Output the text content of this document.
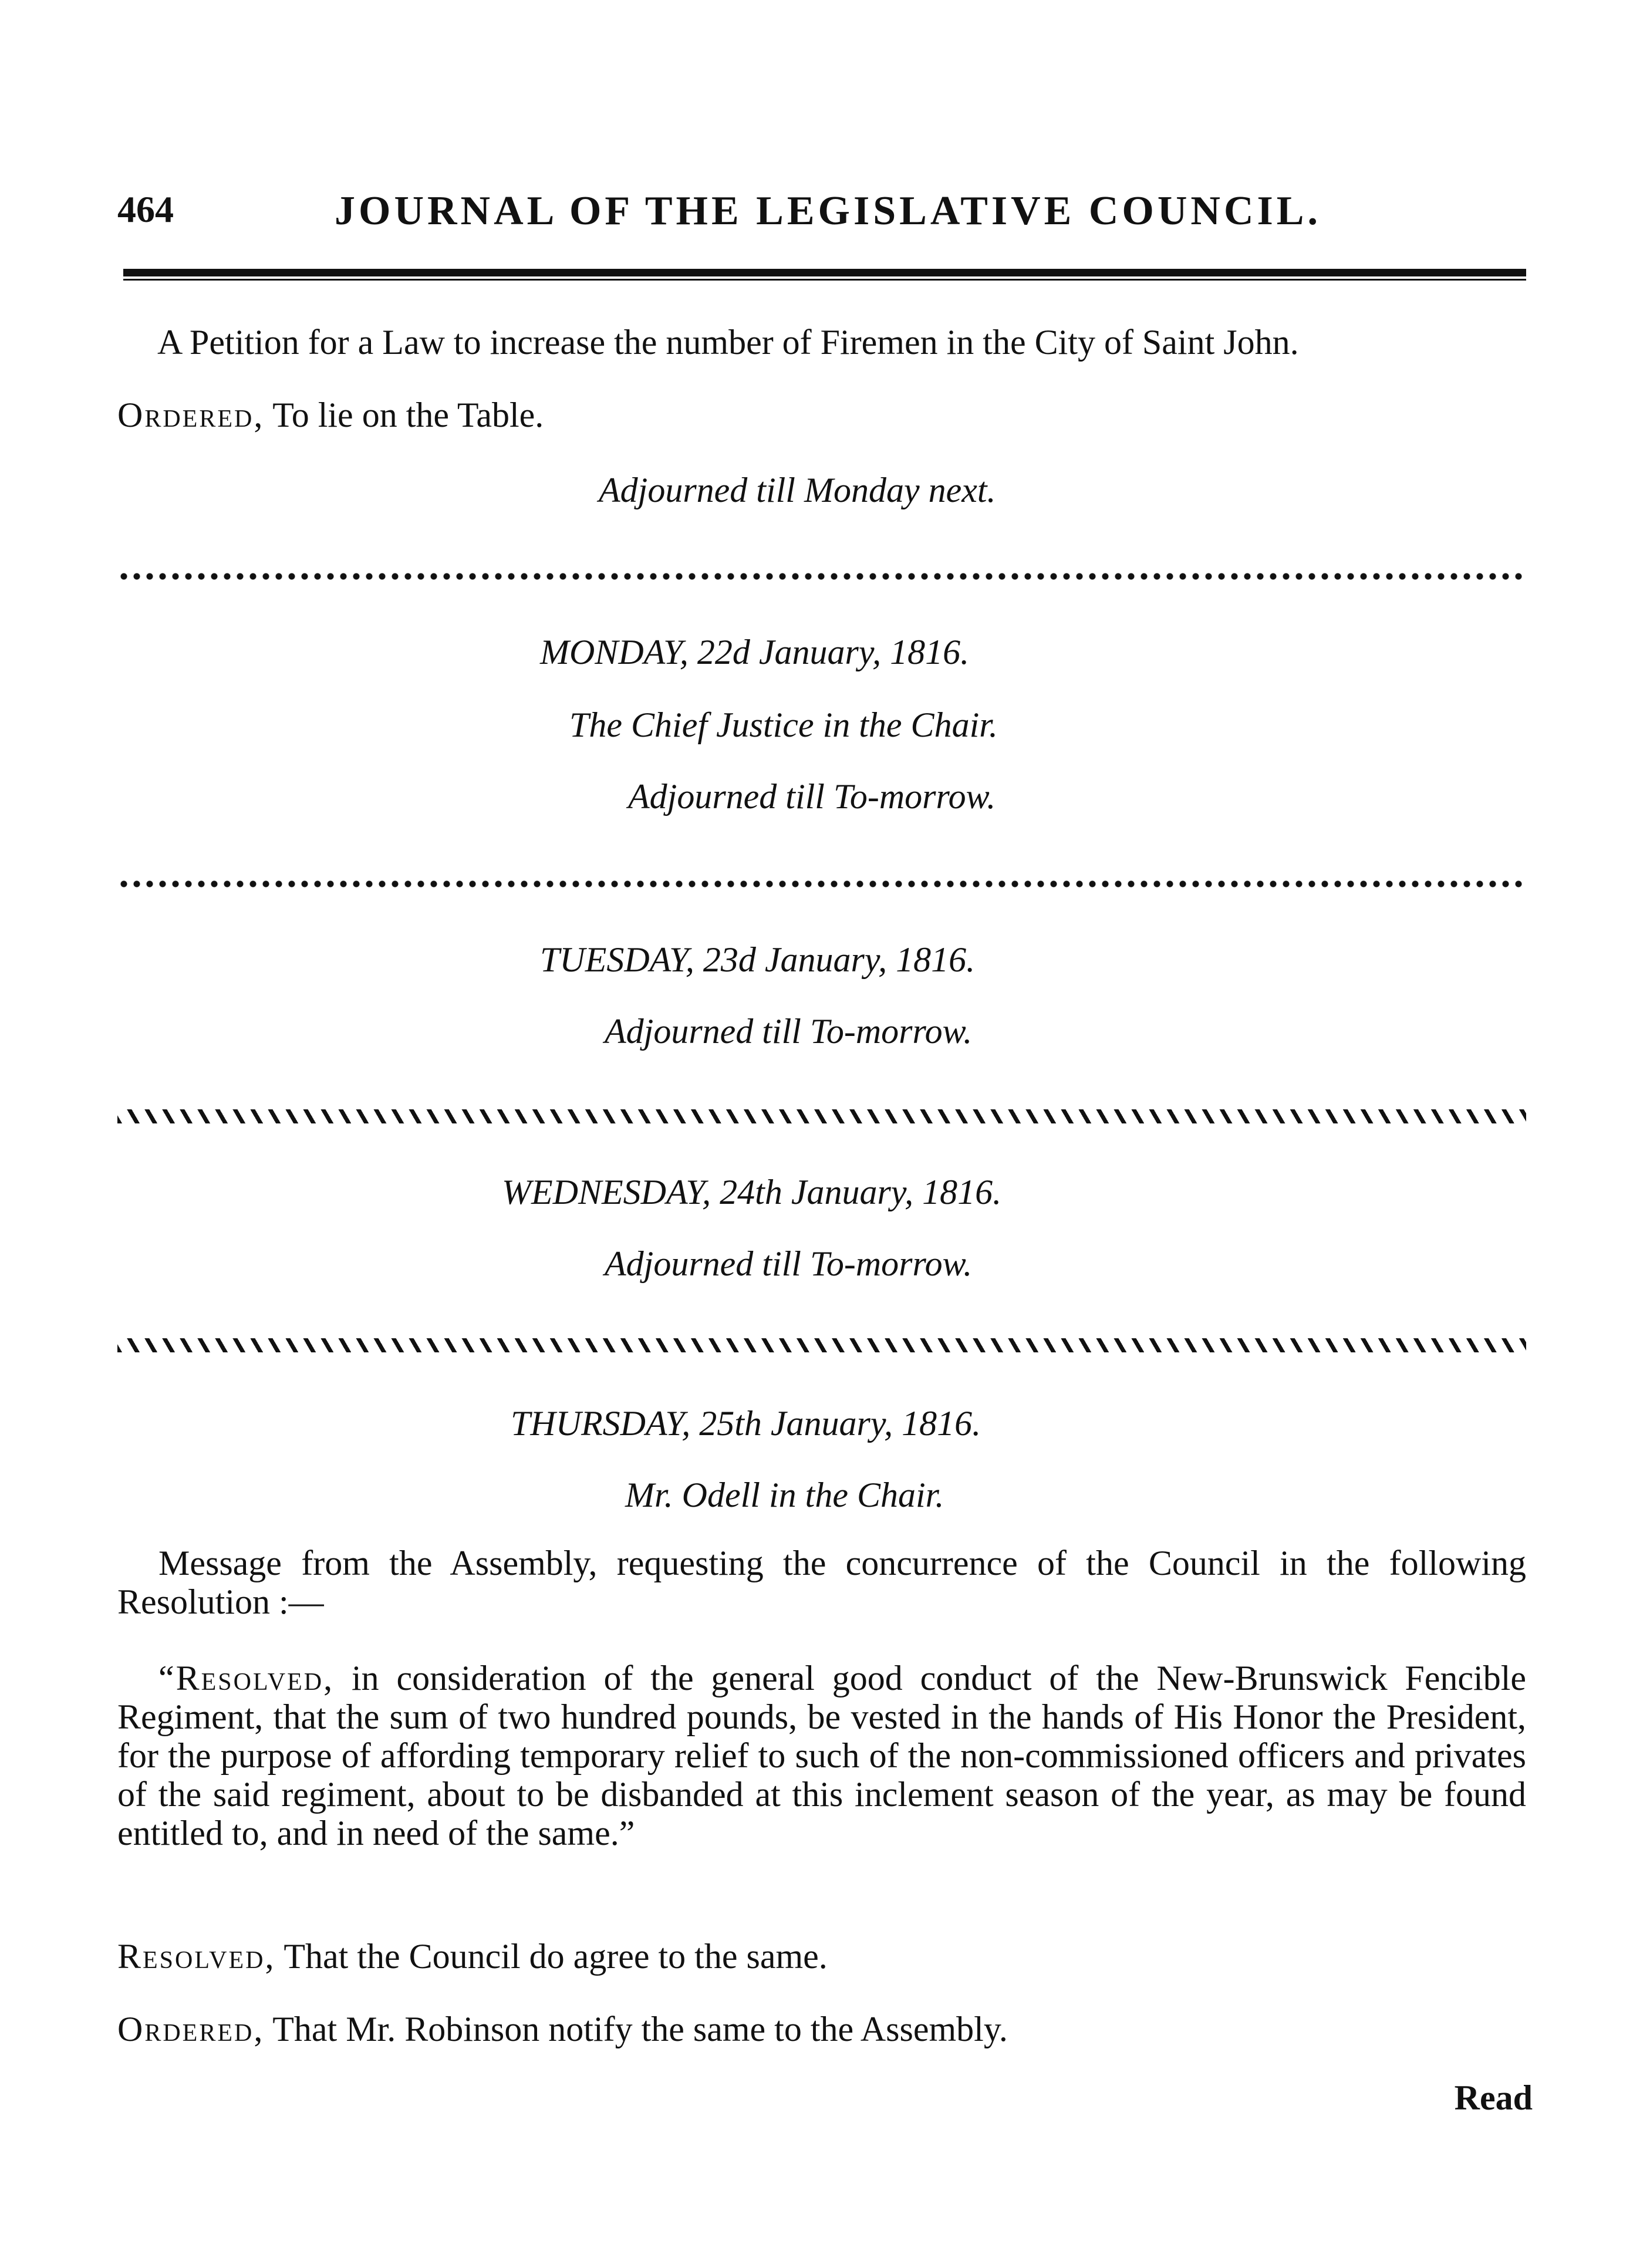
464	JOURNAL OF THE LEGISLATIVE COUNCIL.
A Petition for a Law to increase the number of Firemen in the City of Saint John.
Ordered, To lie on the Table.
Adjourned till Monday next.
MONDAY, 22d January, 1816.
The Chief Justice in the Chair.
Adjourned till To-morrow.
TUESDAY, 23d January, 1816.
Adjourned till To-morrow.
WEDNESDAY, 24th January, 1816.
Adjourned till To-morrow.
THURSDAY, 25th January, 1816.
Mr. Odell in the Chair.
Message from the Assembly, requesting the concurrence of the Council in the following Resolution :—
“Resolved, in consideration of the general good conduct of the New-Brunswick Fencible Regiment, that the sum of two hundred pounds, be vested in the hands of His Honor the President, for the purpose of affording temporary relief to such of the non-commissioned officers and privates of the said regiment, about to be disbanded at this inclement season of the year, as may be found entitled to, and in need of the same.”
Resolved, That the Council do agree to the same.
Ordered, That Mr. Robinson notify the same to the Assembly.
Read
